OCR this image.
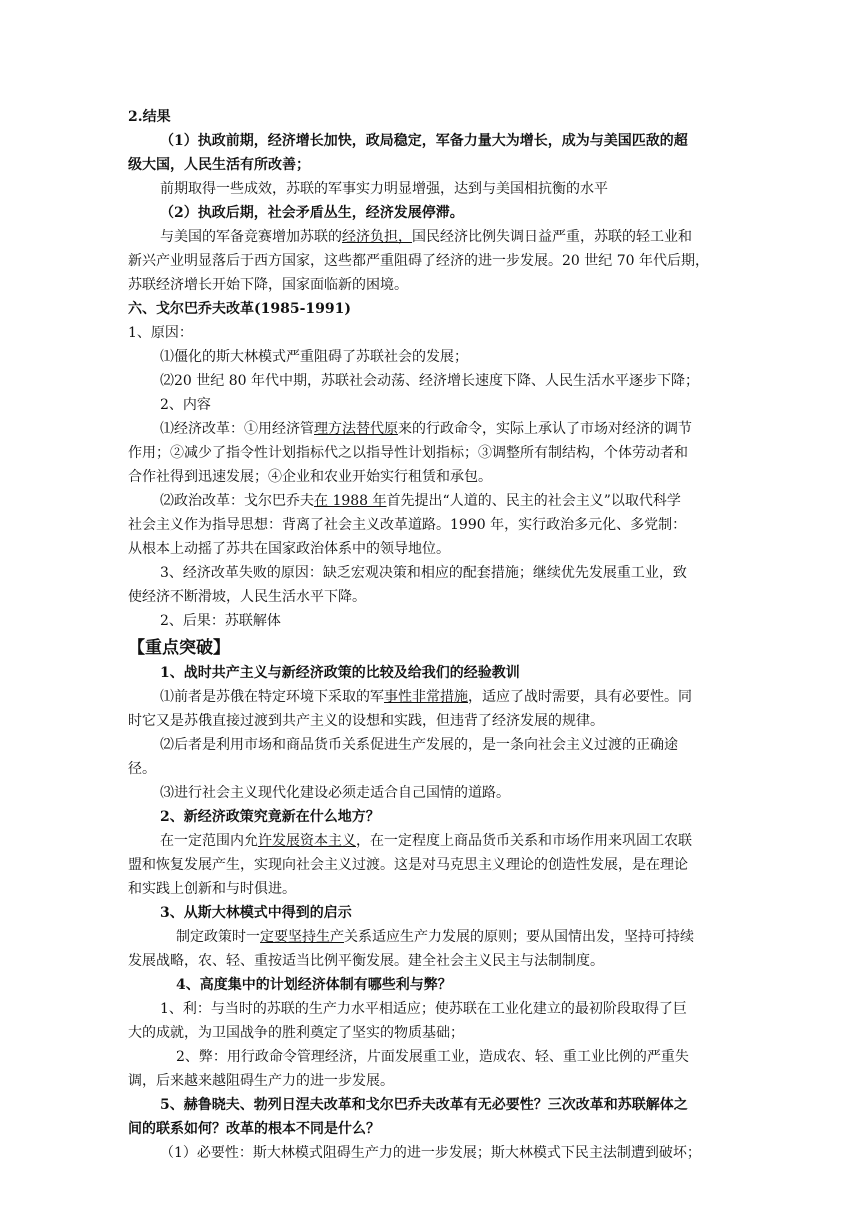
2.结果
（1）执政前期，经济增长加快，政局稳定，军备力量大为增长，成为与美国匹敌的超
级大国，人民生活有所改善；
前期取得一些成效，苏联的军事实力明显增强，达到与美国相抗衡的水平
（2）执政后期，社会矛盾丛生，经济发展停滞。
与美国的军备竞赛增加苏联的经济负担，国民经济比例失调日益严重，苏联的轻工业和
新兴产业明显落后于西方国家，这些都严重阻碍了经济的进一步发展。20 世纪 70 年代后期，
苏联经济增长开始下降，国家面临新的困境。
六、戈尔巴乔夫改革(1985-1991)
1、原因：
⑴僵化的斯大林模式严重阻碍了苏联社会的发展；
⑵20 世纪 80 年代中期，苏联社会动荡、经济增长速度下降、人民生活水平逐步下降；
2、内容
⑴经济改革：①用经济管理方法替代原来的行政命令，实际上承认了市场对经济的调节
作用；②减少了指令性计划指标代之以指导性计划指标；③调整所有制结构，个体劳动者和
合作社得到迅速发展；④企业和农业开始实行租赁和承包。
⑵政治改革：戈尔巴乔夫在 1988 年首先提出“人道的、民主的社会主义”以取代科学
社会主义作为指导思想：背离了社会主义改革道路。1990 年，实行政治多元化、多党制：
从根本上动摇了苏共在国家政治体系中的领导地位。
3、经济改革失败的原因：缺乏宏观决策和相应的配套措施；继续优先发展重工业，致
使经济不断滑坡，人民生活水平下降。
2、后果：苏联解体
【重点突破】
1、战时共产主义与新经济政策的比较及给我们的经验教训
⑴前者是苏俄在特定环境下采取的军事性非常措施，适应了战时需要，具有必要性。同
时它又是苏俄直接过渡到共产主义的设想和实践，但违背了经济发展的规律。
⑵后者是利用市场和商品货币关系促进生产发展的，是一条向社会主义过渡的正确途
径。
⑶进行社会主义现代化建设必须走适合自己国情的道路。
2、新经济政策究竟新在什么地方？
在一定范围内允许发展资本主义，在一定程度上商品货币关系和市场作用来巩固工农联
盟和恢复发展产生，实现向社会主义过渡。这是对马克思主义理论的创造性发展，是在理论
和实践上创新和与时俱进。
3、从斯大林模式中得到的启示
制定政策时一定要坚持生产关系适应生产力发展的原则；要从国情出发，坚持可持续
发展战略，农、轻、重按适当比例平衡发展。建全社会主义民主与法制制度。
4、高度集中的计划经济体制有哪些利与弊？
1、利：与当时的苏联的生产力水平相适应；使苏联在工业化建立的最初阶段取得了巨
大的成就，为卫国战争的胜利奠定了坚实的物质基础；
2、弊：用行政命令管理经济，片面发展重工业，造成农、轻、重工业比例的严重失
调，后来越来越阻碍生产力的进一步发展。
5、赫鲁晓夫、勃列日涅夫改革和戈尔巴乔夫改革有无必要性？三次改革和苏联解体之
间的联系如何？改革的根本不同是什么？
（1）必要性：斯大林模式阻碍生产力的进一步发展；斯大林模式下民主法制遭到破坏；
